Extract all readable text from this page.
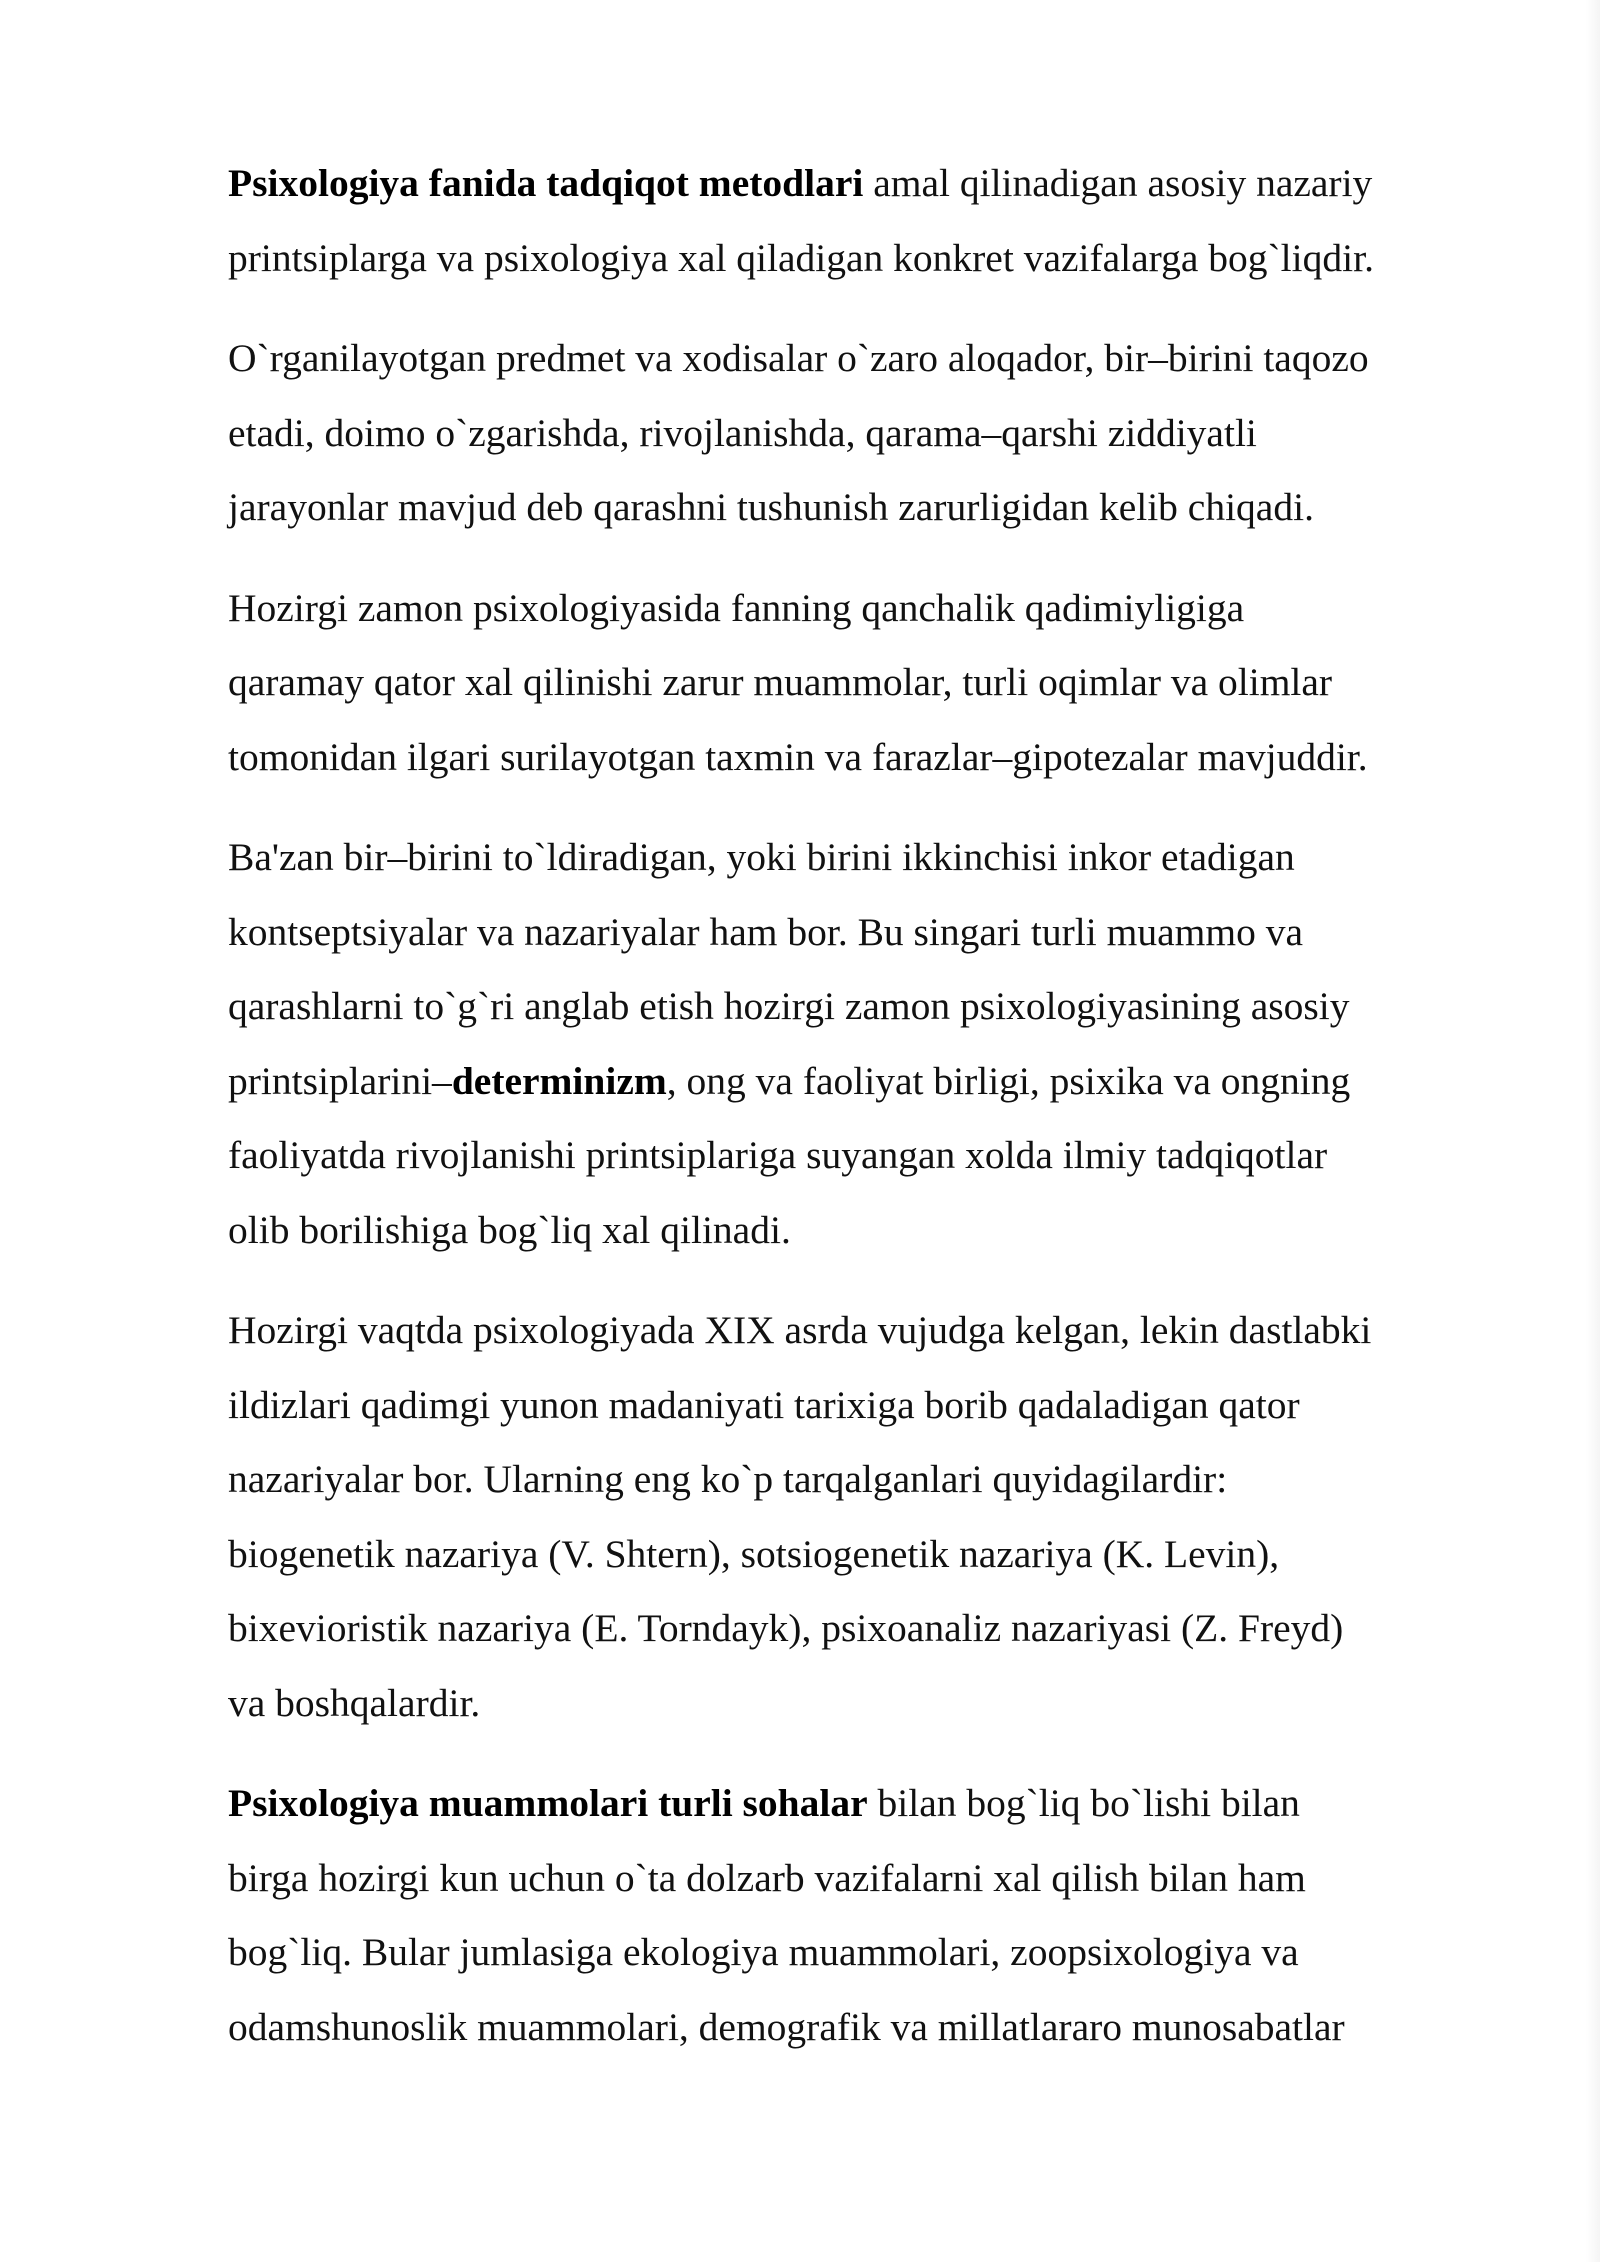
Psixologiya fanida tadqiqot metodlari amal qilinadigan asosiy nazariy
printsiplarga va psixologiya xal qiladigan konkret vazifalarga bog`liqdir.

O`rganilayotgan predmet va xodisalar o`zaro aloqador, bir–birini taqozo
etadi, doimo o`zgarishda, rivojlanishda, qarama–qarshi ziddiyatli
jarayonlar mavjud deb qarashni tushunish zarurligidan kelib chiqadi.

Hozirgi zamon psixologiyasida fanning qanchalik qadimiyligiga
qaramay qator xal qilinishi zarur muammolar, turli oqimlar va olimlar
tomonidan ilgari surilayotgan taxmin va farazlar–gipotezalar mavjuddir.

Ba'zan bir–birini to`ldiradigan, yoki birini ikkinchisi inkor etadigan
kontseptsiyalar va nazariyalar ham bor. Bu singari turli muammo va
qarashlarni to`g`ri anglab etish hozirgi zamon psixologiyasining asosiy
printsiplarini–determinizm, ong va faoliyat birligi, psixika va ongning
faoliyatda rivojlanishi printsiplariga suyangan xolda ilmiy tadqiqotlar
olib borilishiga bog`liq xal qilinadi.

Hozirgi vaqtda psixologiyada XIX asrda vujudga kelgan, lekin dastlabki
ildizlari qadimgi yunon madaniyati tarixiga borib qadaladigan qator
nazariyalar bor. Ularning eng ko`p tarqalganlari quyidagilardir:
biogenetik nazariya (V. Shtern), sotsiogenetik nazariya (K. Levin),
bixevioristik nazariya (E. Torndayk), psixoanaliz nazariyasi (Z. Freyd)
va boshqalardir.

Psixologiya muammolari turli sohalar bilan bog`liq bo`lishi bilan
birga hozirgi kun uchun o`ta dolzarb vazifalarni xal qilish bilan ham
bog`liq. Bular jumlasiga ekologiya muammolari, zoopsixologiya va
odamshunoslik muammolari, demografik va millatlararo munosabatlar
